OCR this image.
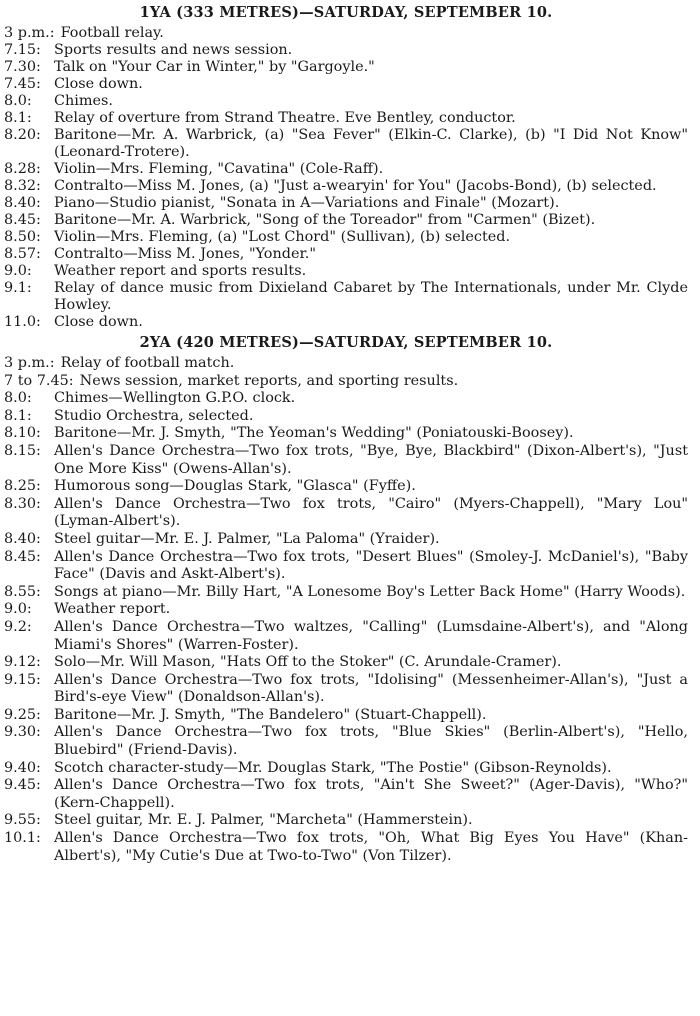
1YA (333 METRES)—SATURDAY, SEPTEMBER 10.
3 p.m.: Football relay.
7.15: Sports results and news session.
7.30: Talk on "Your Car in Winter," by "Gargoyle."
7.45: Close down.
8.0:	Chimes.
8.1:	Relay of overture from Strand Theatre. Eve Bentley, conductor.
8.20: Baritone—Mr. A. Warbrick, (a) "Sea Fever" (Elkin-C. Clarke), (b) "I Did Not Know" (Leonard-Trotere).
8.28: Violin—Mrs. Fleming, "Cavatina" (Cole-Raff).
8.32: Contralto—Miss M. Jones, (a) "Just a-wearyin' for You" (Jacobs-Bond), (b) selected.
8.40: Piano—Studio pianist, "Sonata in A—Variations and Finale" (Mozart).
8.45: Baritone—Mr. A. Warbrick, "Song of the Toreador" from "Carmen" (Bizet).
8.50: Violin—Mrs. Fleming, (a) "Lost Chord" (Sullivan), (b) selected.
8.57: Contralto—Miss M. Jones, "Yonder."
9.0:	Weather report and sports results.
9.1:	Relay of dance music from Dixieland Cabaret by The Internationals, under Mr. Clyde Howley.
11.0: Close down.
2YA (420 METRES)—SATURDAY, SEPTEMBER 10.
3 p.m.: Relay of football match.
7 to 7.45: News session, market reports, and sporting results.
8.0:	Chimes—Wellington G.P.O. clock.
8.1:	Studio Orchestra, selected.
8.10: Baritone—Mr. J. Smyth, "The Yeoman's Wedding" (Poniatouski-Boosey).
8.15: Allen's Dance Orchestra—Two fox trots, "Bye, Bye, Blackbird" (Dixon-Albert's), "Just One More Kiss" (Owens-Allan's).
8.25: Humorous song—Douglas Stark, "Glasca" (Fyffe).
8.30: Allen's Dance Orchestra—Two fox trots, "Cairo" (Myers-Chappell), "Mary Lou" (Lyman-Albert's).
8.40: Steel guitar—Mr. E. J. Palmer, "La Paloma" (Yraider).
8.45: Allen's Dance Orchestra—Two fox trots, "Desert Blues" (Smoley-J. McDaniel's), "Baby Face" (Davis and Askt-Albert's).
8.55: Songs at piano—Mr. Billy Hart, "A Lonesome Boy's Letter Back Home" (Harry Woods).
9.0:	Weather report.
9.2:	Allen's Dance Orchestra—Two waltzes, "Calling" (Lumsdaine-Albert's), and "Along Miami's Shores" (Warren-Foster).
9.12: Solo—Mr. Will Mason, "Hats Off to the Stoker" (C. Arundale-Cramer).
9.15: Allen's Dance Orchestra—Two fox trots, "Idolising" (Messenheimer-Allan's), "Just a Bird's-eye View" (Donaldson-Allan's).
9.25: Baritone—Mr. J. Smyth, "The Bandelero" (Stuart-Chappell).
9.30: Allen's Dance Orchestra—Two fox trots, "Blue Skies" (Berlin-Albert's), "Hello, Bluebird" (Friend-Davis).
9.40: Scotch character-study—Mr. Douglas Stark, "The Postie" (Gibson-Reynolds).
9.45: Allen's Dance Orchestra—Two fox trots, "Ain't She Sweet?" (Ager-Davis), "Who?" (Kern-Chappell).
9.55: Steel guitar, Mr. E. J. Palmer, "Marcheta" (Hammerstein).
10.1: Allen's Dance Orchestra—Two fox trots, "Oh, What Big Eyes You Have" (Khan-Albert's), "My Cutie's Due at Two-to-Two" (Von Tilzer).
